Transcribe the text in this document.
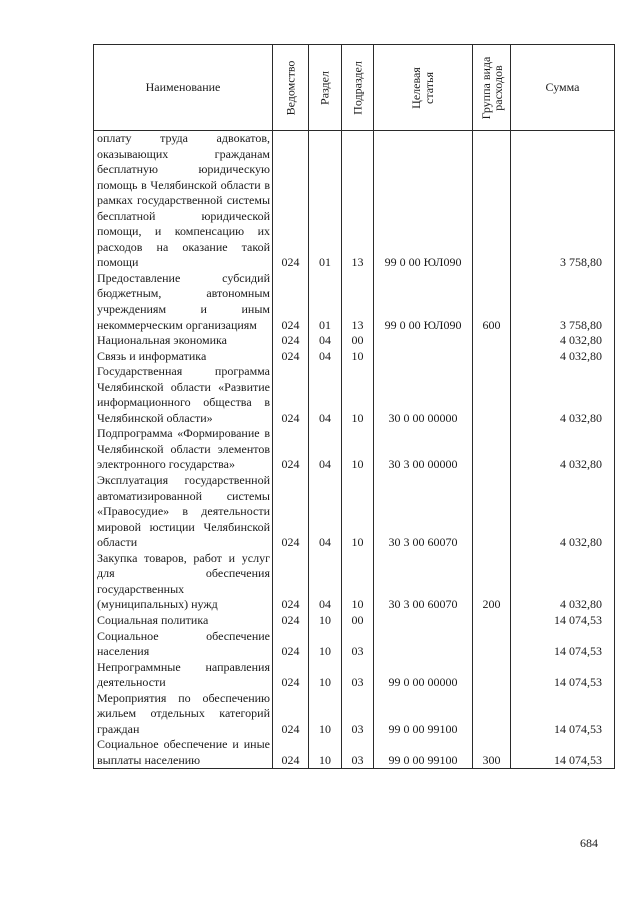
Наименование	Ведомство	Раздел	Подраздел	Целевая статья	Группа вида расходов	Сумма
оплату труда адвокатов, оказывающих гражданам бесплатную юридическую помощь в Челябинской области в рамках государственной системы бесплатной юридической помощи, и компенсацию их расходов на оказание такой помощи	024	01	13	99 0 00 ЮЛ090		3 758,80
Предоставление субсидий бюджетным, автономным учреждениям и иным некоммерческим организациям	024	01	13	99 0 00 ЮЛ090	600	3 758,80
Национальная экономика	024	04	00			4 032,80
Связь и информатика	024	04	10			4 032,80
Государственная программа Челябинской области «Развитие информационного общества в Челябинской области»	024	04	10	30 0 00 00000		4 032,80
Подпрограмма «Формирование в Челябинской области элементов электронного государства»	024	04	10	30 3 00 00000		4 032,80
Эксплуатация государственной автоматизированной системы «Правосудие» в деятельности мировой юстиции Челябинской области	024	04	10	30 3 00 60070		4 032,80
Закупка товаров, работ и услуг для обеспечения государственных (муниципальных) нужд	024	04	10	30 3 00 60070	200	4 032,80
Социальная политика	024	10	00			14 074,53
Социальное обеспечение населения	024	10	03			14 074,53
Непрограммные направления деятельности	024	10	03	99 0 00 00000		14 074,53
Мероприятия по обеспечению жильем отдельных категорий граждан	024	10	03	99 0 00 99100		14 074,53
Социальное обеспечение и иные выплаты населению	024	10	03	99 0 00 99100	300	14 074,53
684
